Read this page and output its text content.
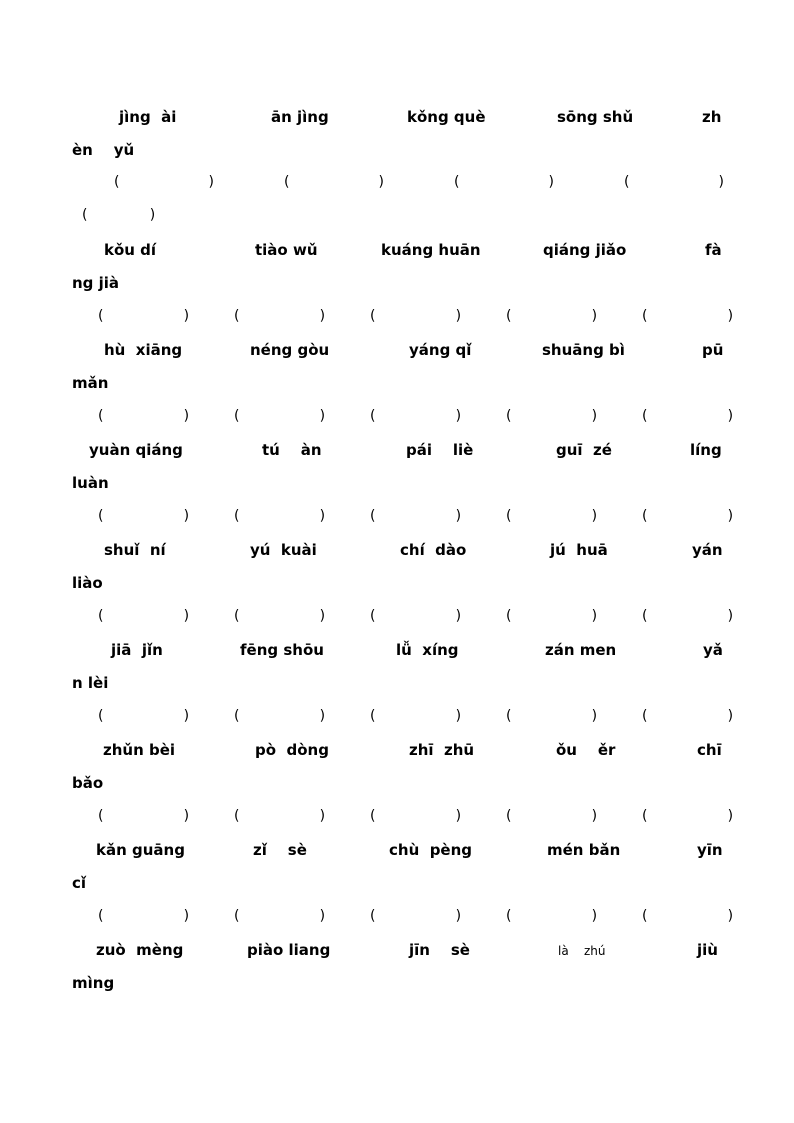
jìng  ài	ān jìng	kǒng què	sōng shǔ	zh
èn    yǔ
(                    )	(                    )	(                    )	(                    )
(              )
kǒu dí	tiào wǔ	kuáng huān	qiáng jiǎo	fà
ng jià
(                  )	(                  )	(                  )	(                  )	(                  )
hù  xiāng	néng gòu	yáng qǐ	shuāng bì	pū
mǎn
(                  )	(                  )	(                  )	(                  )	(                  )
yuàn qiáng	tú    àn	pái    liè	guī  zé	líng
luàn
(                  )	(                  )	(                  )	(                  )	(                  )
shuǐ  ní	yú  kuài	chí  dào	jú  huā	yán
liào
(                  )	(                  )	(                  )	(                  )	(                  )
jiā  jǐn	fēng shōu	lǚ  xíng	zán men	yǎ
n lèi
(                  )	(                  )	(                  )	(                  )	(                  )
zhǔn bèi	pò  dòng	zhī  zhū	ǒu    ěr	chī
bǎo
(                  )	(                  )	(                  )	(                  )	(                  )
kǎn guāng	zǐ    sè	chù  pèng	mén bǎn	yīn
cǐ
(                  )	(                  )	(                  )	(                  )	(                  )
zuò  mèng	piào liang	jīn    sè	là    zhú	jiù
mìng
